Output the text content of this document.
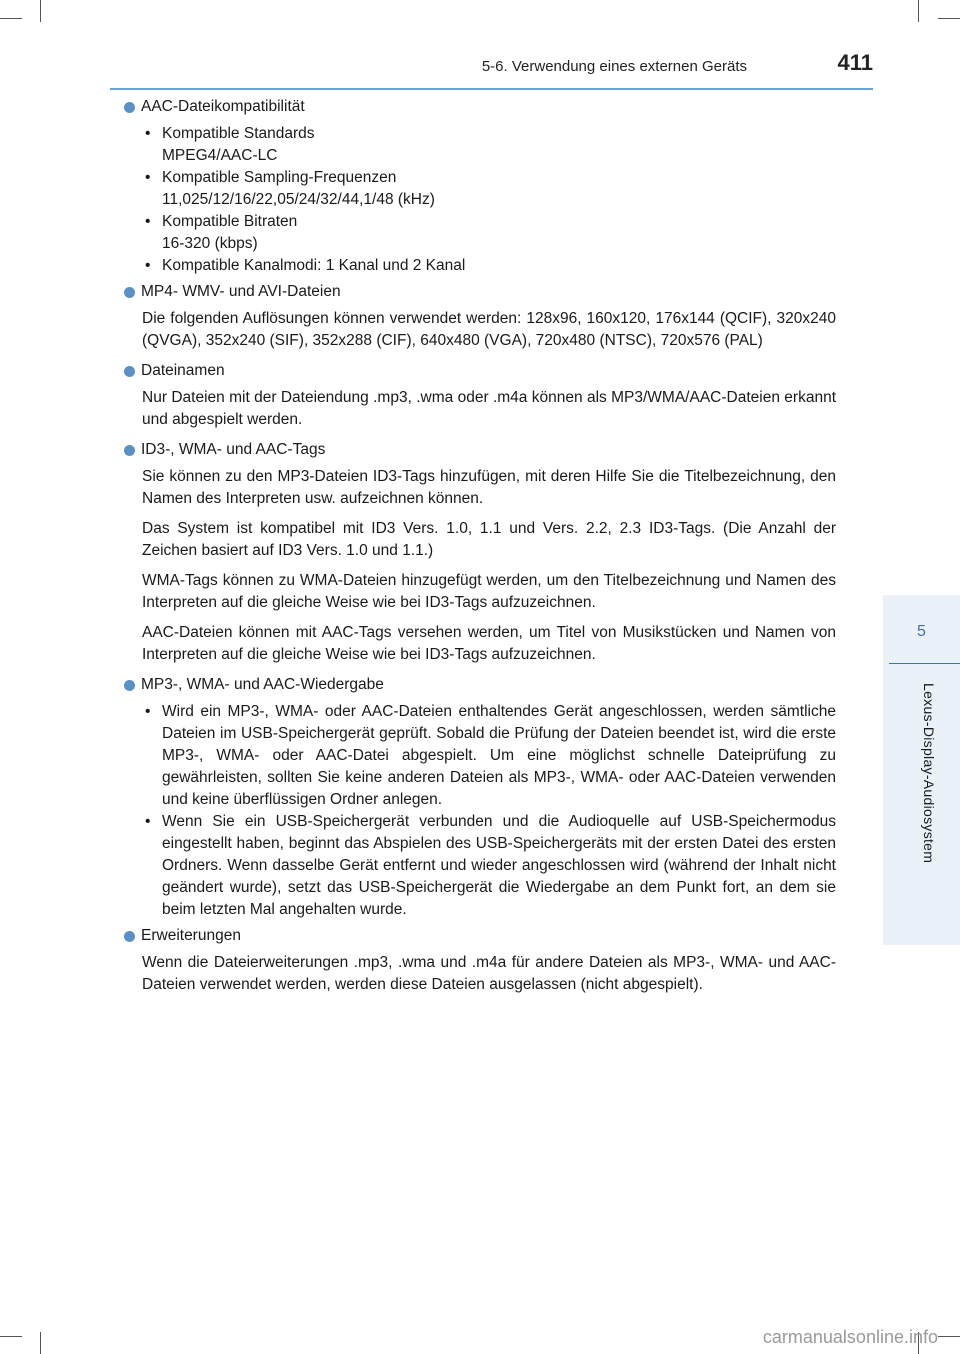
5-6. Verwendung eines externen Geräts	411
5
Lexus-Display-Audiosystem
AAC-Dateikompatibilität
• Kompatible Standards
MPEG4/AAC-LC
• Kompatible Sampling-Frequenzen
11,025/12/16/22,05/24/32/44,1/48 (kHz)
• Kompatible Bitraten
16-320 (kbps)
• Kompatible Kanalmodi: 1 Kanal und 2 Kanal
MP4- WMV- und AVI-Dateien
Die folgenden Auflösungen können verwendet werden: 128x96, 160x120, 176x144 (QCIF), 320x240 (QVGA), 352x240 (SIF), 352x288 (CIF), 640x480 (VGA), 720x480 (NTSC), 720x576 (PAL)
Dateinamen
Nur Dateien mit der Dateiendung .mp3, .wma oder .m4a können als MP3/WMA/AAC-Dateien erkannt und abgespielt werden.
ID3-, WMA- und AAC-Tags
Sie können zu den MP3-Dateien ID3-Tags hinzufügen, mit deren Hilfe Sie die Titelbezeichnung, den Namen des Interpreten usw. aufzeichnen können.
Das System ist kompatibel mit ID3 Vers. 1.0, 1.1 und Vers. 2.2, 2.3 ID3-Tags. (Die Anzahl der Zeichen basiert auf ID3 Vers. 1.0 und 1.1.)
WMA-Tags können zu WMA-Dateien hinzugefügt werden, um den Titelbezeichnung und Namen des Interpreten auf die gleiche Weise wie bei ID3-Tags aufzuzeichnen.
AAC-Dateien können mit AAC-Tags versehen werden, um Titel von Musikstücken und Namen von Interpreten auf die gleiche Weise wie bei ID3-Tags aufzuzeichnen.
MP3-, WMA- und AAC-Wiedergabe
• Wird ein MP3-, WMA- oder AAC-Dateien enthaltendes Gerät angeschlossen, werden sämtliche Dateien im USB-Speichergerät geprüft. Sobald die Prüfung der Dateien beendet ist, wird die erste MP3-, WMA- oder AAC-Datei abgespielt. Um eine möglichst schnelle Dateiprüfung zu gewährleisten, sollten Sie keine anderen Dateien als MP3-, WMA- oder AAC-Dateien verwenden und keine überflüssigen Ordner anlegen.
• Wenn Sie ein USB-Speichergerät verbunden und die Audioquelle auf USB-Speichermodus eingestellt haben, beginnt das Abspielen des USB-Speichergeräts mit der ersten Datei des ersten Ordners. Wenn dasselbe Gerät entfernt und wieder angeschlossen wird (während der Inhalt nicht geändert wurde), setzt das USB-Speichergerät die Wiedergabe an dem Punkt fort, an dem sie beim letzten Mal angehalten wurde.
Erweiterungen
Wenn die Dateierweiterungen .mp3, .wma und .m4a für andere Dateien als MP3-, WMA- und AAC-Dateien verwendet werden, werden diese Dateien ausgelassen (nicht abgespielt).
carmanualsonline.info
